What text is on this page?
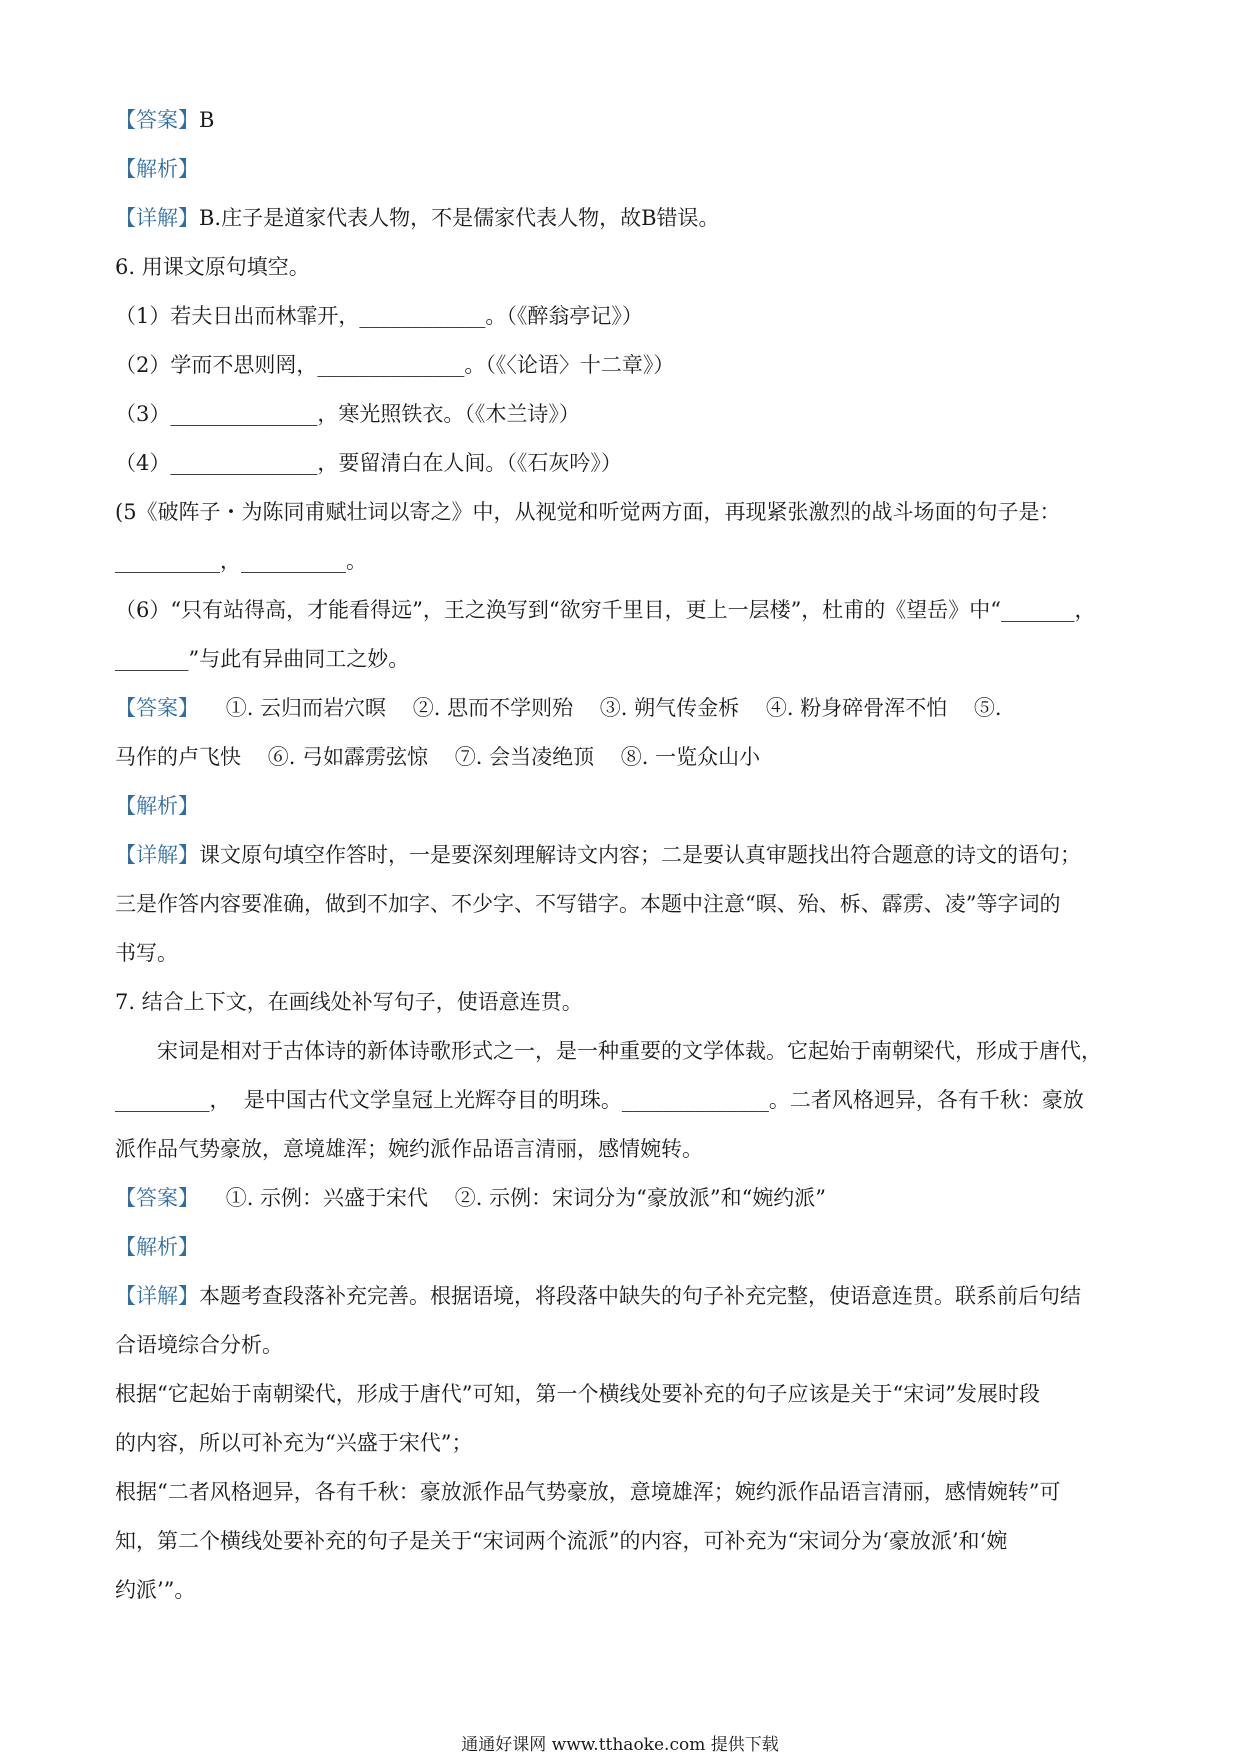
【答案】B
【解析】
【详解】B.庄子是道家代表人物，不是儒家代表人物，故B错误。
6. 用课文原句填空。
（1）若夫日出而林霏开，____________。（《醉翁亭记》）
（2）学而不思则罔，______________。（《〈论语〉十二章》）
（3）______________，寒光照铁衣。（《木兰诗》）
（4）______________，要留清白在人间。（《石灰吟》）
(5《破阵子・为陈同甫赋壮词以寄之》中，从视觉和听觉两方面，再现紧张激烈的战斗场面的句子是：
__________，__________。
（6）“只有站得高，才能看得远”，王之涣写到“欲穷千里目，更上一层楼”，杜甫的《望岳》中“_______，
_______”与此有异曲同工之妙。
【答案】    ①. 云归而岩穴暝    ②. 思而不学则殆    ③. 朔气传金柝    ④. 粉身碎骨浑不怕    ⑤.
马作的卢飞快    ⑥. 弓如霹雳弦惊    ⑦. 会当凌绝顶    ⑧. 一览众山小
【解析】
【详解】课文原句填空作答时，一是要深刻理解诗文内容；二是要认真审题找出符合题意的诗文的语句；
三是作答内容要准确，做到不加字、不少字、不写错字。本题中注意“暝、殆、柝、霹雳、凌”等字词的
书写。
7. 结合上下文，在画线处补写句子，使语意连贯。
宋词是相对于古体诗的新体诗歌形式之一，是一种重要的文学体裁。它起始于南朝梁代，形成于唐代，
_________，  是中国古代文学皇冠上光辉夺目的明珠。______________。二者风格迥异，各有千秋：豪放
派作品气势豪放，意境雄浑；婉约派作品语言清丽，感情婉转。
【答案】    ①. 示例：兴盛于宋代    ②. 示例：宋词分为“豪放派”和“婉约派”
【解析】
【详解】本题考查段落补充完善。根据语境，将段落中缺失的句子补充完整，使语意连贯。联系前后句结
合语境综合分析。
根据“它起始于南朝梁代，形成于唐代”可知，第一个横线处要补充的句子应该是关于“宋词”发展时段
的内容，所以可补充为“兴盛于宋代”；
根据“二者风格迥异，各有千秋：豪放派作品气势豪放，意境雄浑；婉约派作品语言清丽，感情婉转”可
知，第二个横线处要补充的句子是关于“宋词两个流派”的内容，可补充为“宋词分为‘豪放派’和‘婉
约派’”。
通通好课网 www.tthaoke.com 提供下载
